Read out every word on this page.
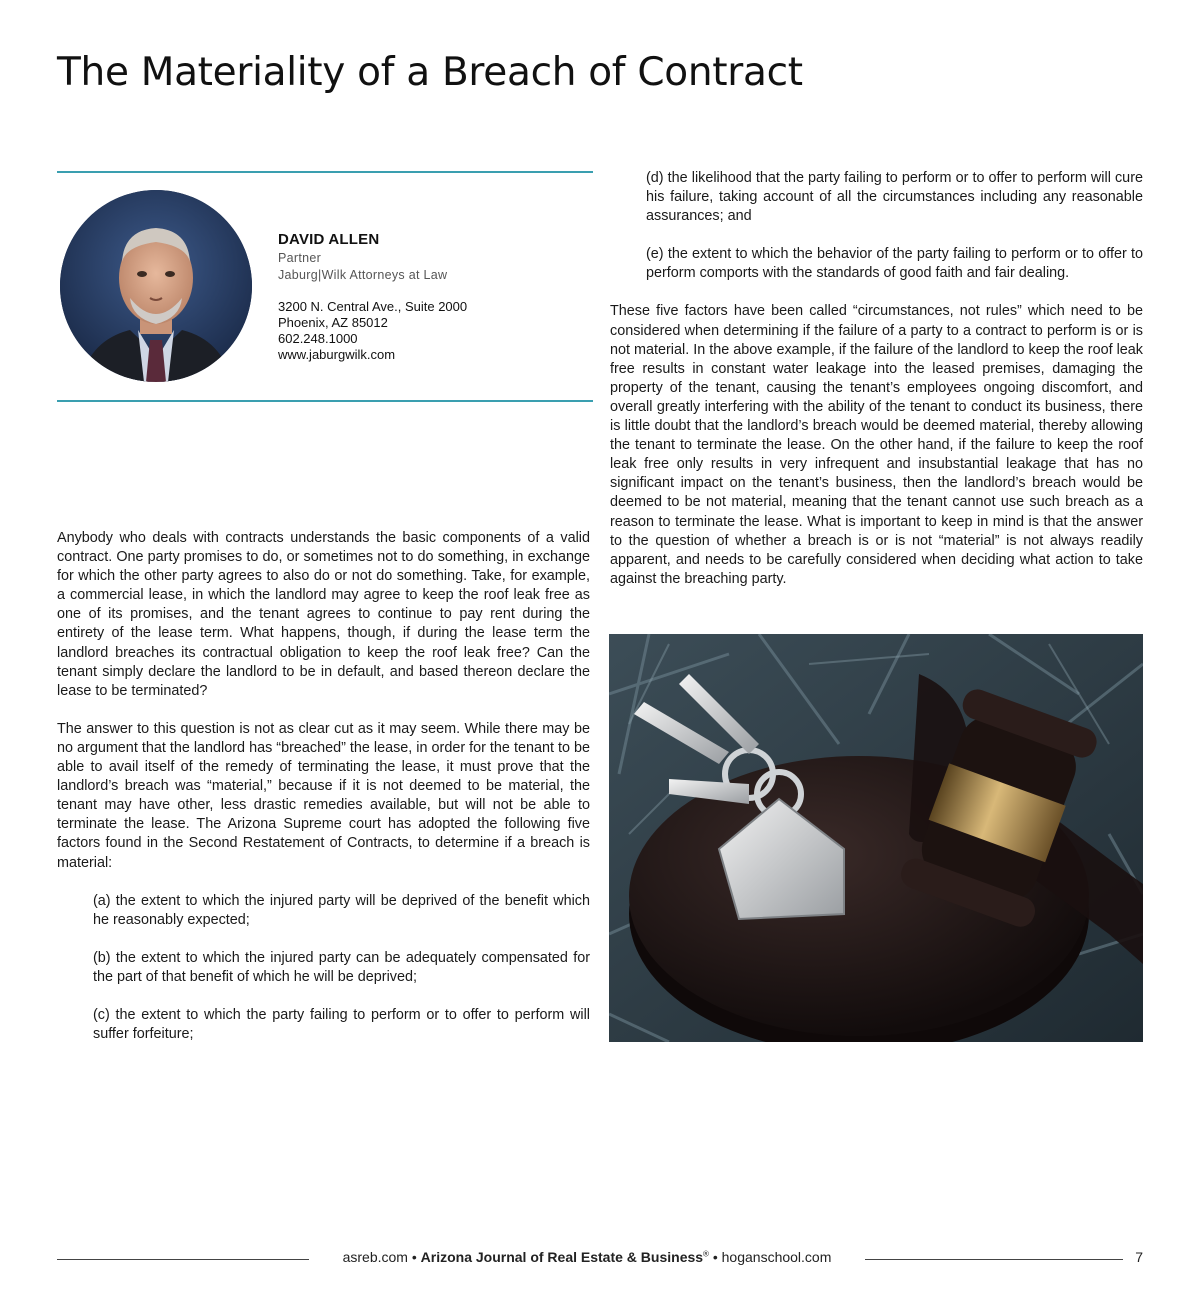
The Materiality of a Breach of Contract
DAVID ALLEN
Partner
Jaburg|Wilk Attorneys at Law
3200 N. Central Ave., Suite 2000
Phoenix, AZ 85012
602.248.1000
www.jaburgwilk.com

Anybody who deals with contracts understands the basic components of a valid contract. One party promises to do, or sometimes not to do something, in exchange for which the other party agrees to also do or not do something. Take, for example, a commercial lease, in which the landlord may agree to keep the roof leak free as one of its promises, and the tenant agrees to continue to pay rent during the entirety of the lease term. What happens, though, if during the lease term the landlord breaches its contractual obligation to keep the roof leak free? Can the tenant simply declare the landlord to be in default, and based thereon declare the lease to be terminated?

The answer to this question is not as clear cut as it may seem. While there may be no argument that the landlord has “breached” the lease, in order for the tenant to be able to avail itself of the remedy of terminating the lease, it must prove that the landlord’s breach was “material,” because if it is not deemed to be material, the tenant may have other, less drastic remedies available, but will not be able to terminate the lease. The Arizona Supreme court has adopted the following five factors found in the Second Restatement of Contracts, to determine if a breach is material:

(a) the extent to which the injured party will be deprived of the benefit which he reasonably expected;

(b) the extent to which the injured party can be adequately compensated for the part of that benefit of which he will be deprived;

(c) the extent to which the party failing to perform or to offer to perform will suffer forfeiture;

(d) the likelihood that the party failing to perform or to offer to perform will cure his failure, taking account of all the circumstances including any reasonable assurances; and

(e) the extent to which the behavior of the party failing to perform or to offer to perform comports with the standards of good faith and fair dealing.

These five factors have been called “circumstances, not rules” which need to be considered when determining if the failure of a party to a contract to perform is or is not material. In the above example, if the failure of the landlord to keep the roof leak free results in constant water leakage into the leased premises, damaging the property of the tenant, causing the tenant’s employees ongoing discomfort, and overall greatly interfering with the ability of the tenant to conduct its business, there is little doubt that the landlord’s breach would be deemed material, thereby allowing the tenant to terminate the lease. On the other hand, if the failure to keep the roof leak free only results in very infrequent and insubstantial leakage that has no significant impact on the tenant’s business, then the landlord’s breach would be deemed to be not material, meaning that the tenant cannot use such breach as a reason to terminate the lease. What is important to keep in mind is that the answer to the question of whether a breach is or is not “material” is not always readily apparent, and needs to be carefully considered when deciding what action to take against the breaching party.

asreb.com • Arizona Journal of Real Estate & Business® • hoganschool.com	7
